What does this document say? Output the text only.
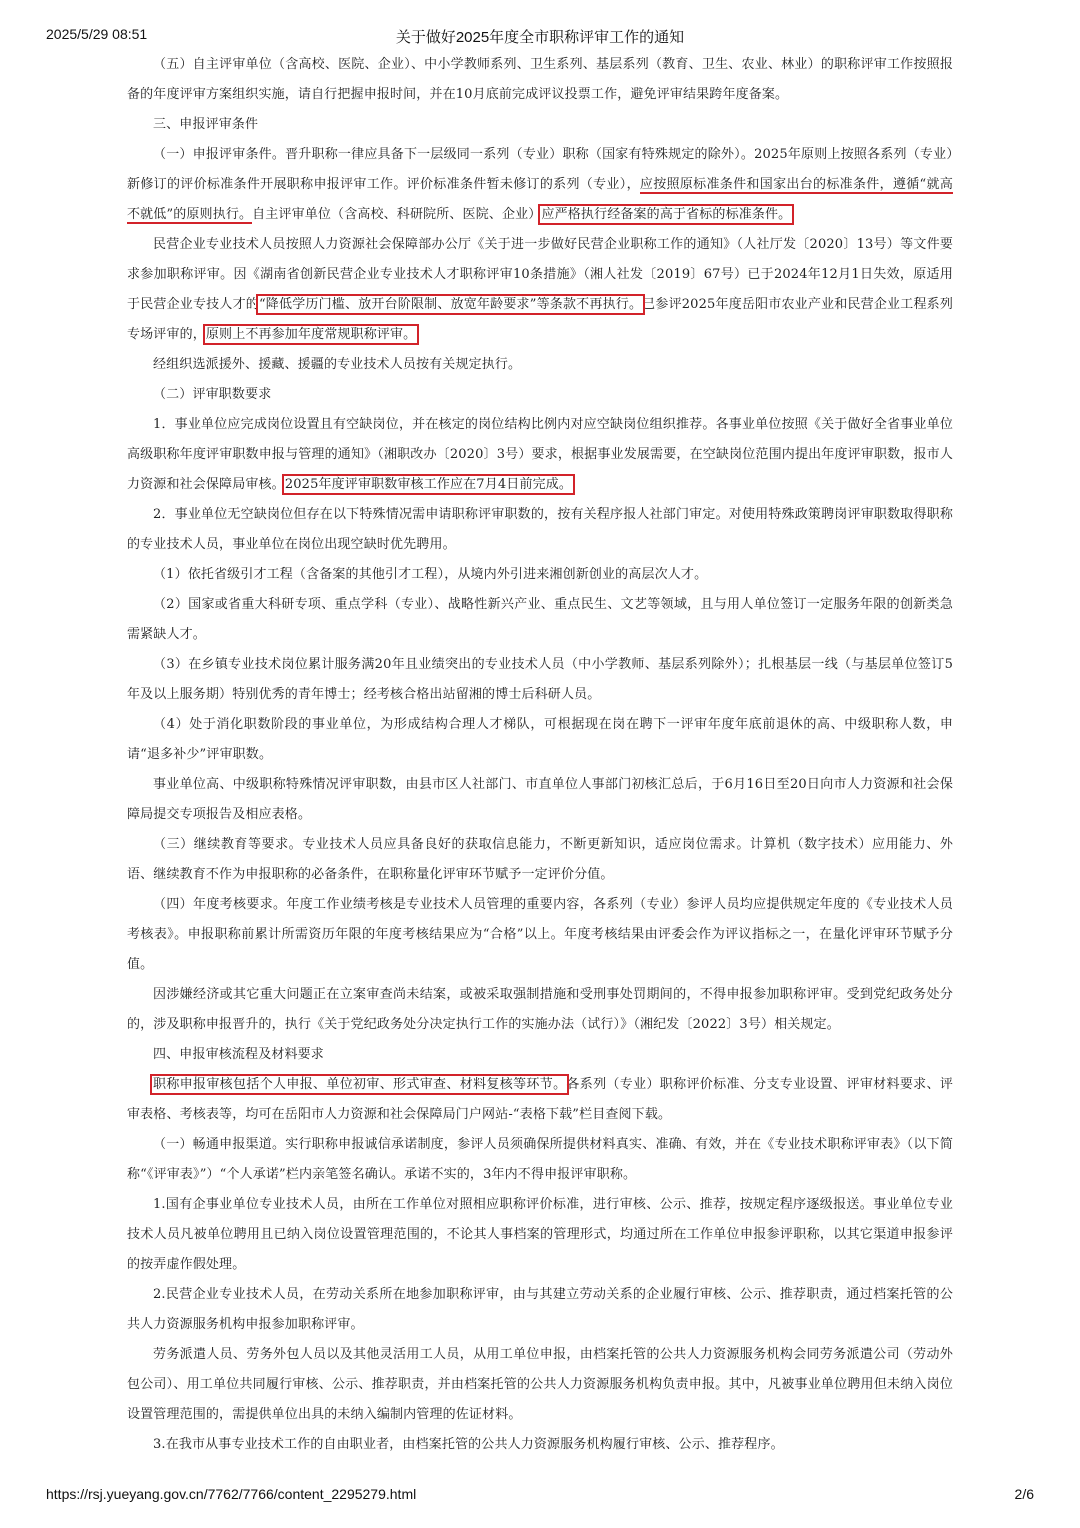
2025/5/29 08:51	关于做好2025年度全市职称评审工作的通知

（五）自主评审单位（含高校、医院、企业）、中小学教师系列、卫生系列、基层系列（教育、卫生、农业、林业）的职称评审工作按照报备的年度评审方案组织实施，请自行把握申报时间，并在10月底前完成评议投票工作，避免评审结果跨年度备案。

三、申报评审条件

（一）申报评审条件。晋升职称一律应具备下一层级同一系列（专业）职称（国家有特殊规定的除外）。2025年原则上按照各系列（专业）新修订的评价标准条件开展职称申报评审工作。评价标准条件暂未修订的系列（专业），应按照原标准条件和国家出台的标准条件，遵循“就高不就低”的原则执行。自主评审单位（含高校、科研院所、医院、企业）应严格执行经备案的高于省标的标准条件。

民营企业专业技术人员按照人力资源社会保障部办公厅《关于进一步做好民营企业职称工作的通知》（人社厅发〔2020〕13号）等文件要求参加职称评审。因《湖南省创新民营企业专业技术人才职称评审10条措施》（湘人社发〔2019〕67号）已于2024年12月1日失效，原适用于民营企业专技人才的“降低学历门槛、放开台阶限制、放宽年龄要求”等条款不再执行。已参评2025年度岳阳市农业产业和民营企业工程系列专场评审的，原则上不再参加年度常规职称评审。

经组织选派援外、援藏、援疆的专业技术人员按有关规定执行。

（二）评审职数要求

1．事业单位应完成岗位设置且有空缺岗位，并在核定的岗位结构比例内对应空缺岗位组织推荐。各事业单位按照《关于做好全省事业单位高级职称年度评审职数申报与管理的通知》（湘职改办〔2020〕3号）要求，根据事业发展需要，在空缺岗位范围内提出年度评审职数，报市人力资源和社会保障局审核。2025年度评审职数审核工作应在7月4日前完成。

2．事业单位无空缺岗位但存在以下特殊情况需申请职称评审职数的，按有关程序报人社部门审定。对使用特殊政策聘岗评审职数取得职称的专业技术人员，事业单位在岗位出现空缺时优先聘用。

（1）依托省级引才工程（含备案的其他引才工程），从境内外引进来湘创新创业的高层次人才。

（2）国家或省重大科研专项、重点学科（专业）、战略性新兴产业、重点民生、文艺等领域，且与用人单位签订一定服务年限的创新类急需紧缺人才。

（3）在乡镇专业技术岗位累计服务满20年且业绩突出的专业技术人员（中小学教师、基层系列除外）；扎根基层一线（与基层单位签订5年及以上服务期）特别优秀的青年博士；经考核合格出站留湘的博士后科研人员。

（4）处于消化职数阶段的事业单位，为形成结构合理人才梯队，可根据现在岗在聘下一评审年度年底前退休的高、中级职称人数，申请“退多补少”评审职数。

事业单位高、中级职称特殊情况评审职数，由县市区人社部门、市直单位人事部门初核汇总后，于6月16日至20日向市人力资源和社会保障局提交专项报告及相应表格。

（三）继续教育等要求。专业技术人员应具备良好的获取信息能力，不断更新知识，适应岗位需求。计算机（数字技术）应用能力、外语、继续教育不作为申报职称的必备条件，在职称量化评审环节赋予一定评价分值。

（四）年度考核要求。年度工作业绩考核是专业技术人员管理的重要内容，各系列（专业）参评人员均应提供规定年度的《专业技术人员考核表》。申报职称前累计所需资历年限的年度考核结果应为“合格”以上。年度考核结果由评委会作为评议指标之一，在量化评审环节赋予分值。

因涉嫌经济或其它重大问题正在立案审查尚未结案，或被采取强制措施和受刑事处罚期间的，不得申报参加职称评审。受到党纪政务处分的，涉及职称申报晋升的，执行《关于党纪政务处分决定执行工作的实施办法（试行）》（湘纪发〔2022〕3号）相关规定。

四、申报审核流程及材料要求

职称申报审核包括个人申报、单位初审、形式审查、材料复核等环节。各系列（专业）职称评价标准、分支专业设置、评审材料要求、评审表格、考核表等，均可在岳阳市人力资源和社会保障局门户网站-“表格下载”栏目查阅下载。

（一）畅通申报渠道。实行职称申报诚信承诺制度，参评人员须确保所提供材料真实、准确、有效，并在《专业技术职称评审表》（以下简称“《评审表》”）“个人承诺”栏内亲笔签名确认。承诺不实的，3年内不得申报评审职称。

1.国有企事业单位专业技术人员，由所在工作单位对照相应职称评价标准，进行审核、公示、推荐，按规定程序逐级报送。事业单位专业技术人员凡被单位聘用且已纳入岗位设置管理范围的，不论其人事档案的管理形式，均通过所在工作单位申报参评职称，以其它渠道申报参评的按弄虚作假处理。

2.民营企业专业技术人员，在劳动关系所在地参加职称评审，由与其建立劳动关系的企业履行审核、公示、推荐职责，通过档案托管的公共人力资源服务机构申报参加职称评审。

劳务派遣人员、劳务外包人员以及其他灵活用工人员，从用工单位申报，由档案托管的公共人力资源服务机构会同劳务派遣公司（劳动外包公司）、用工单位共同履行审核、公示、推荐职责，并由档案托管的公共人力资源服务机构负责申报。其中，凡被事业单位聘用但未纳入岗位设置管理范围的，需提供单位出具的未纳入编制内管理的佐证材料。

3.在我市从事专业技术工作的自由职业者，由档案托管的公共人力资源服务机构履行审核、公示、推荐程序。

https://rsj.yueyang.gov.cn/7762/7766/content_2295279.html	2/6
